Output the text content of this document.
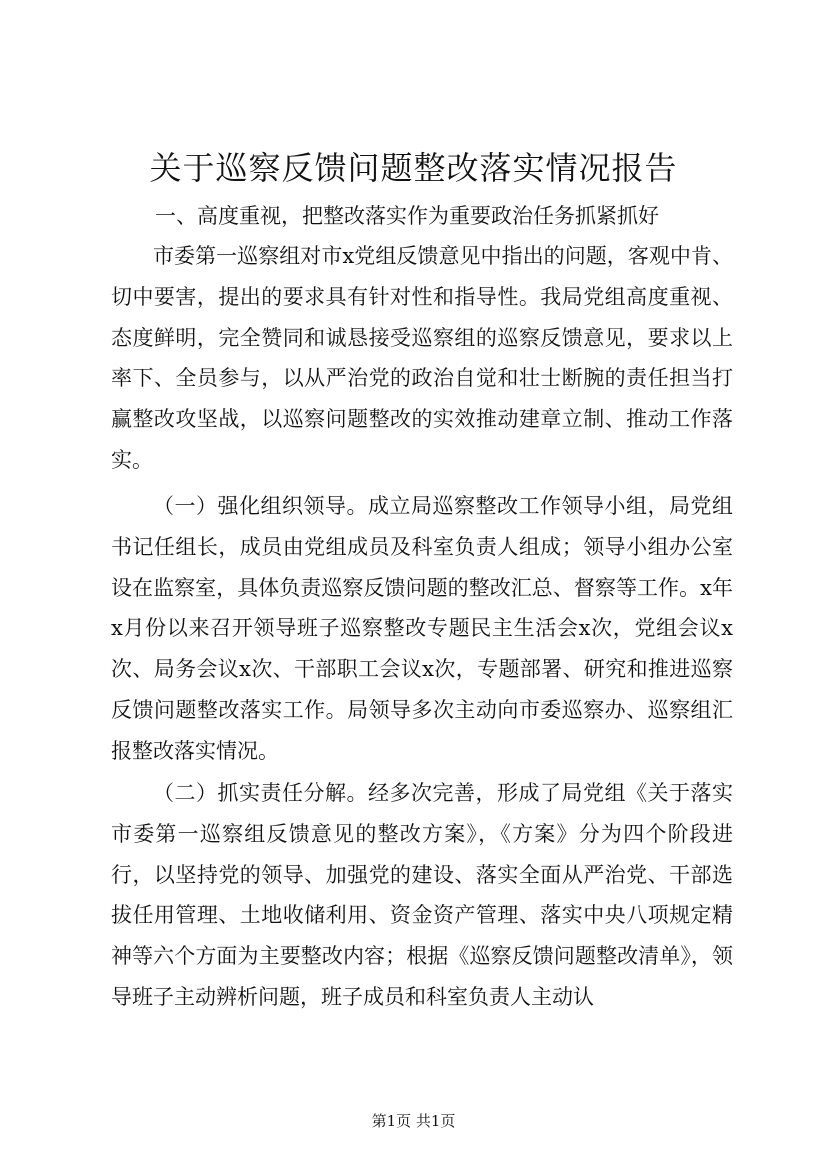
关于巡察反馈问题整改落实情况报告

一、高度重视，把整改落实作为重要政治任务抓紧抓好

市委第一巡察组对市x党组反馈意见中指出的问题，客观中肯、切中要害，提出的要求具有针对性和指导性。我局党组高度重视、态度鲜明，完全赞同和诚恳接受巡察组的巡察反馈意见，要求以上率下、全员参与，以从严治党的政治自觉和壮士断腕的责任担当打赢整改攻坚战，以巡察问题整改的实效推动建章立制、推动工作落实。

（一）强化组织领导。成立局巡察整改工作领导小组，局党组书记任组长，成员由党组成员及科室负责人组成；领导小组办公室设在监察室，具体负责巡察反馈问题的整改汇总、督察等工作。x年x月份以来召开领导班子巡察整改专题民主生活会x次，党组会议x次、局务会议x次、干部职工会议x次，专题部署、研究和推进巡察反馈问题整改落实工作。局领导多次主动向市委巡察办、巡察组汇报整改落实情况。

（二）抓实责任分解。经多次完善，形成了局党组《关于落实市委第一巡察组反馈意见的整改方案》，《方案》分为四个阶段进行，以坚持党的领导、加强党的建设、落实全面从严治党、干部选拔任用管理、土地收储利用、资金资产管理、落实中央八项规定精神等六个方面为主要整改内容；根据《巡察反馈问题整改清单》，领导班子主动辨析问题，班子成员和科室负责人主动认

第1页 共1页
